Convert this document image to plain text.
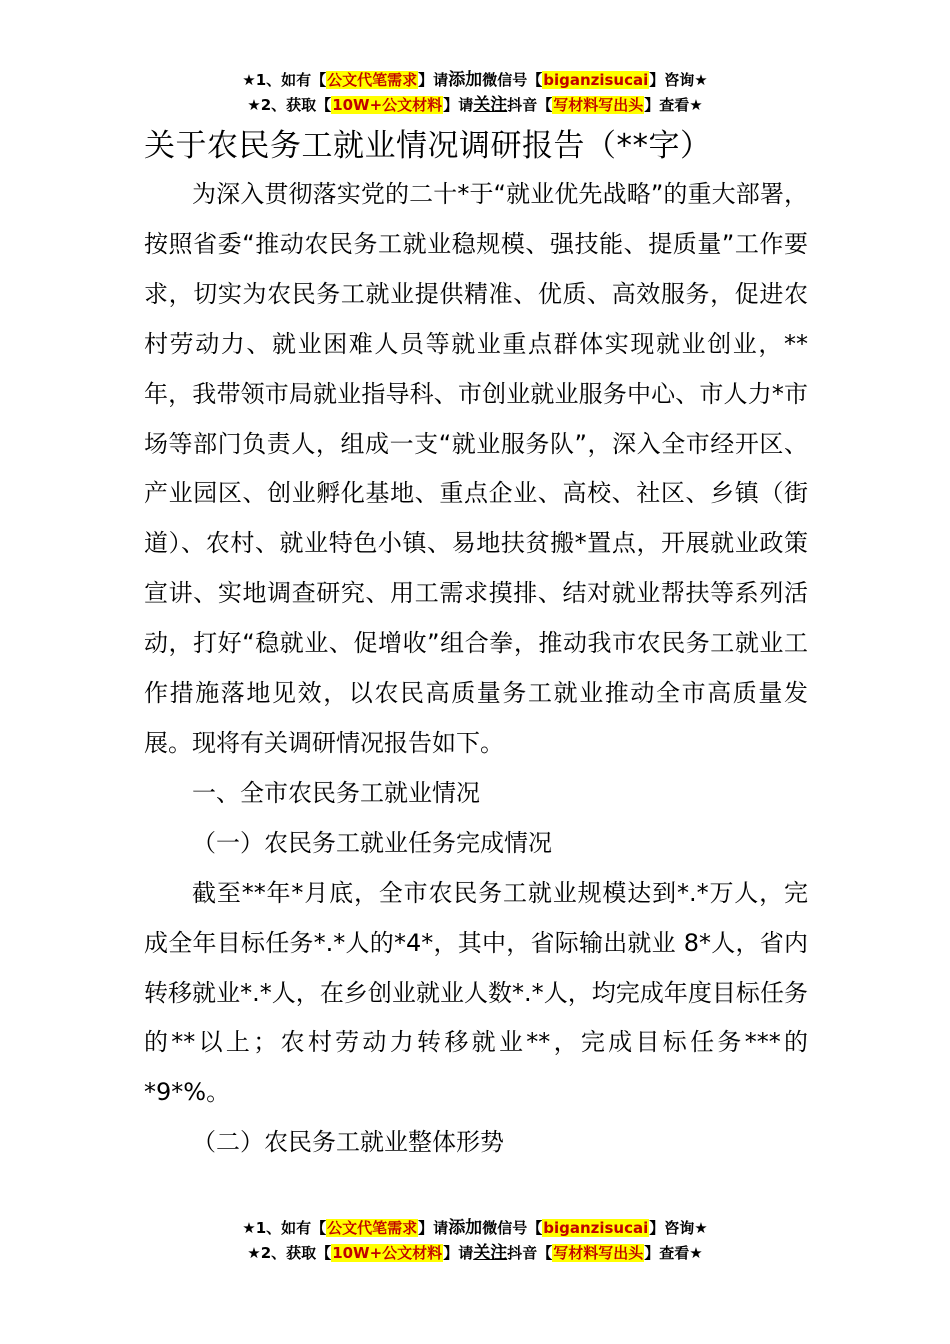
★1、如有【公文代笔需求】请添加微信号【biganzisucai】咨询★
★2、获取【10W+公文材料】请关注抖音【写材料写出头】查看★
关于农民务工就业情况调研报告（**字）

为深入贯彻落实党的二十*于“就业优先战略”的重大部署，按照省委“推动农民务工就业稳规模、强技能、提质量”工作要求，切实为农民务工就业提供精准、优质、高效服务，促进农村劳动力、就业困难人员等就业重点群体实现就业创业，**年，我带领市局就业指导科、市创业就业服务中心、市人力*市场等部门负责人，组成一支“就业服务队”，深入全市经开区、产业园区、创业孵化基地、重点企业、高校、社区、乡镇（街道）、农村、就业特色小镇、易地扶贫搬*置点，开展就业政策宣讲、实地调查研究、用工需求摸排、结对就业帮扶等系列活动，打好“稳就业、促增收”组合拳，推动我市农民务工就业工作措施落地见效，以农民高质量务工就业推动全市高质量发展。现将有关调研情况报告如下。

一、全市农民务工就业情况

（一）农民务工就业任务完成情况

截至**年*月底，全市农民务工就业规模达到*.*万人，完成全年目标任务*.*人的*4*，其中，省际输出就业 8*人，省内转移就业*.*人，在乡创业就业人数*.*人，均完成年度目标任务的**以上；农村劳动力转移就业**，完成目标任务***的*9*%。

（二）农民务工就业整体形势

★1、如有【公文代笔需求】请添加微信号【biganzisucai】咨询★
★2、获取【10W+公文材料】请关注抖音【写材料写出头】查看★
